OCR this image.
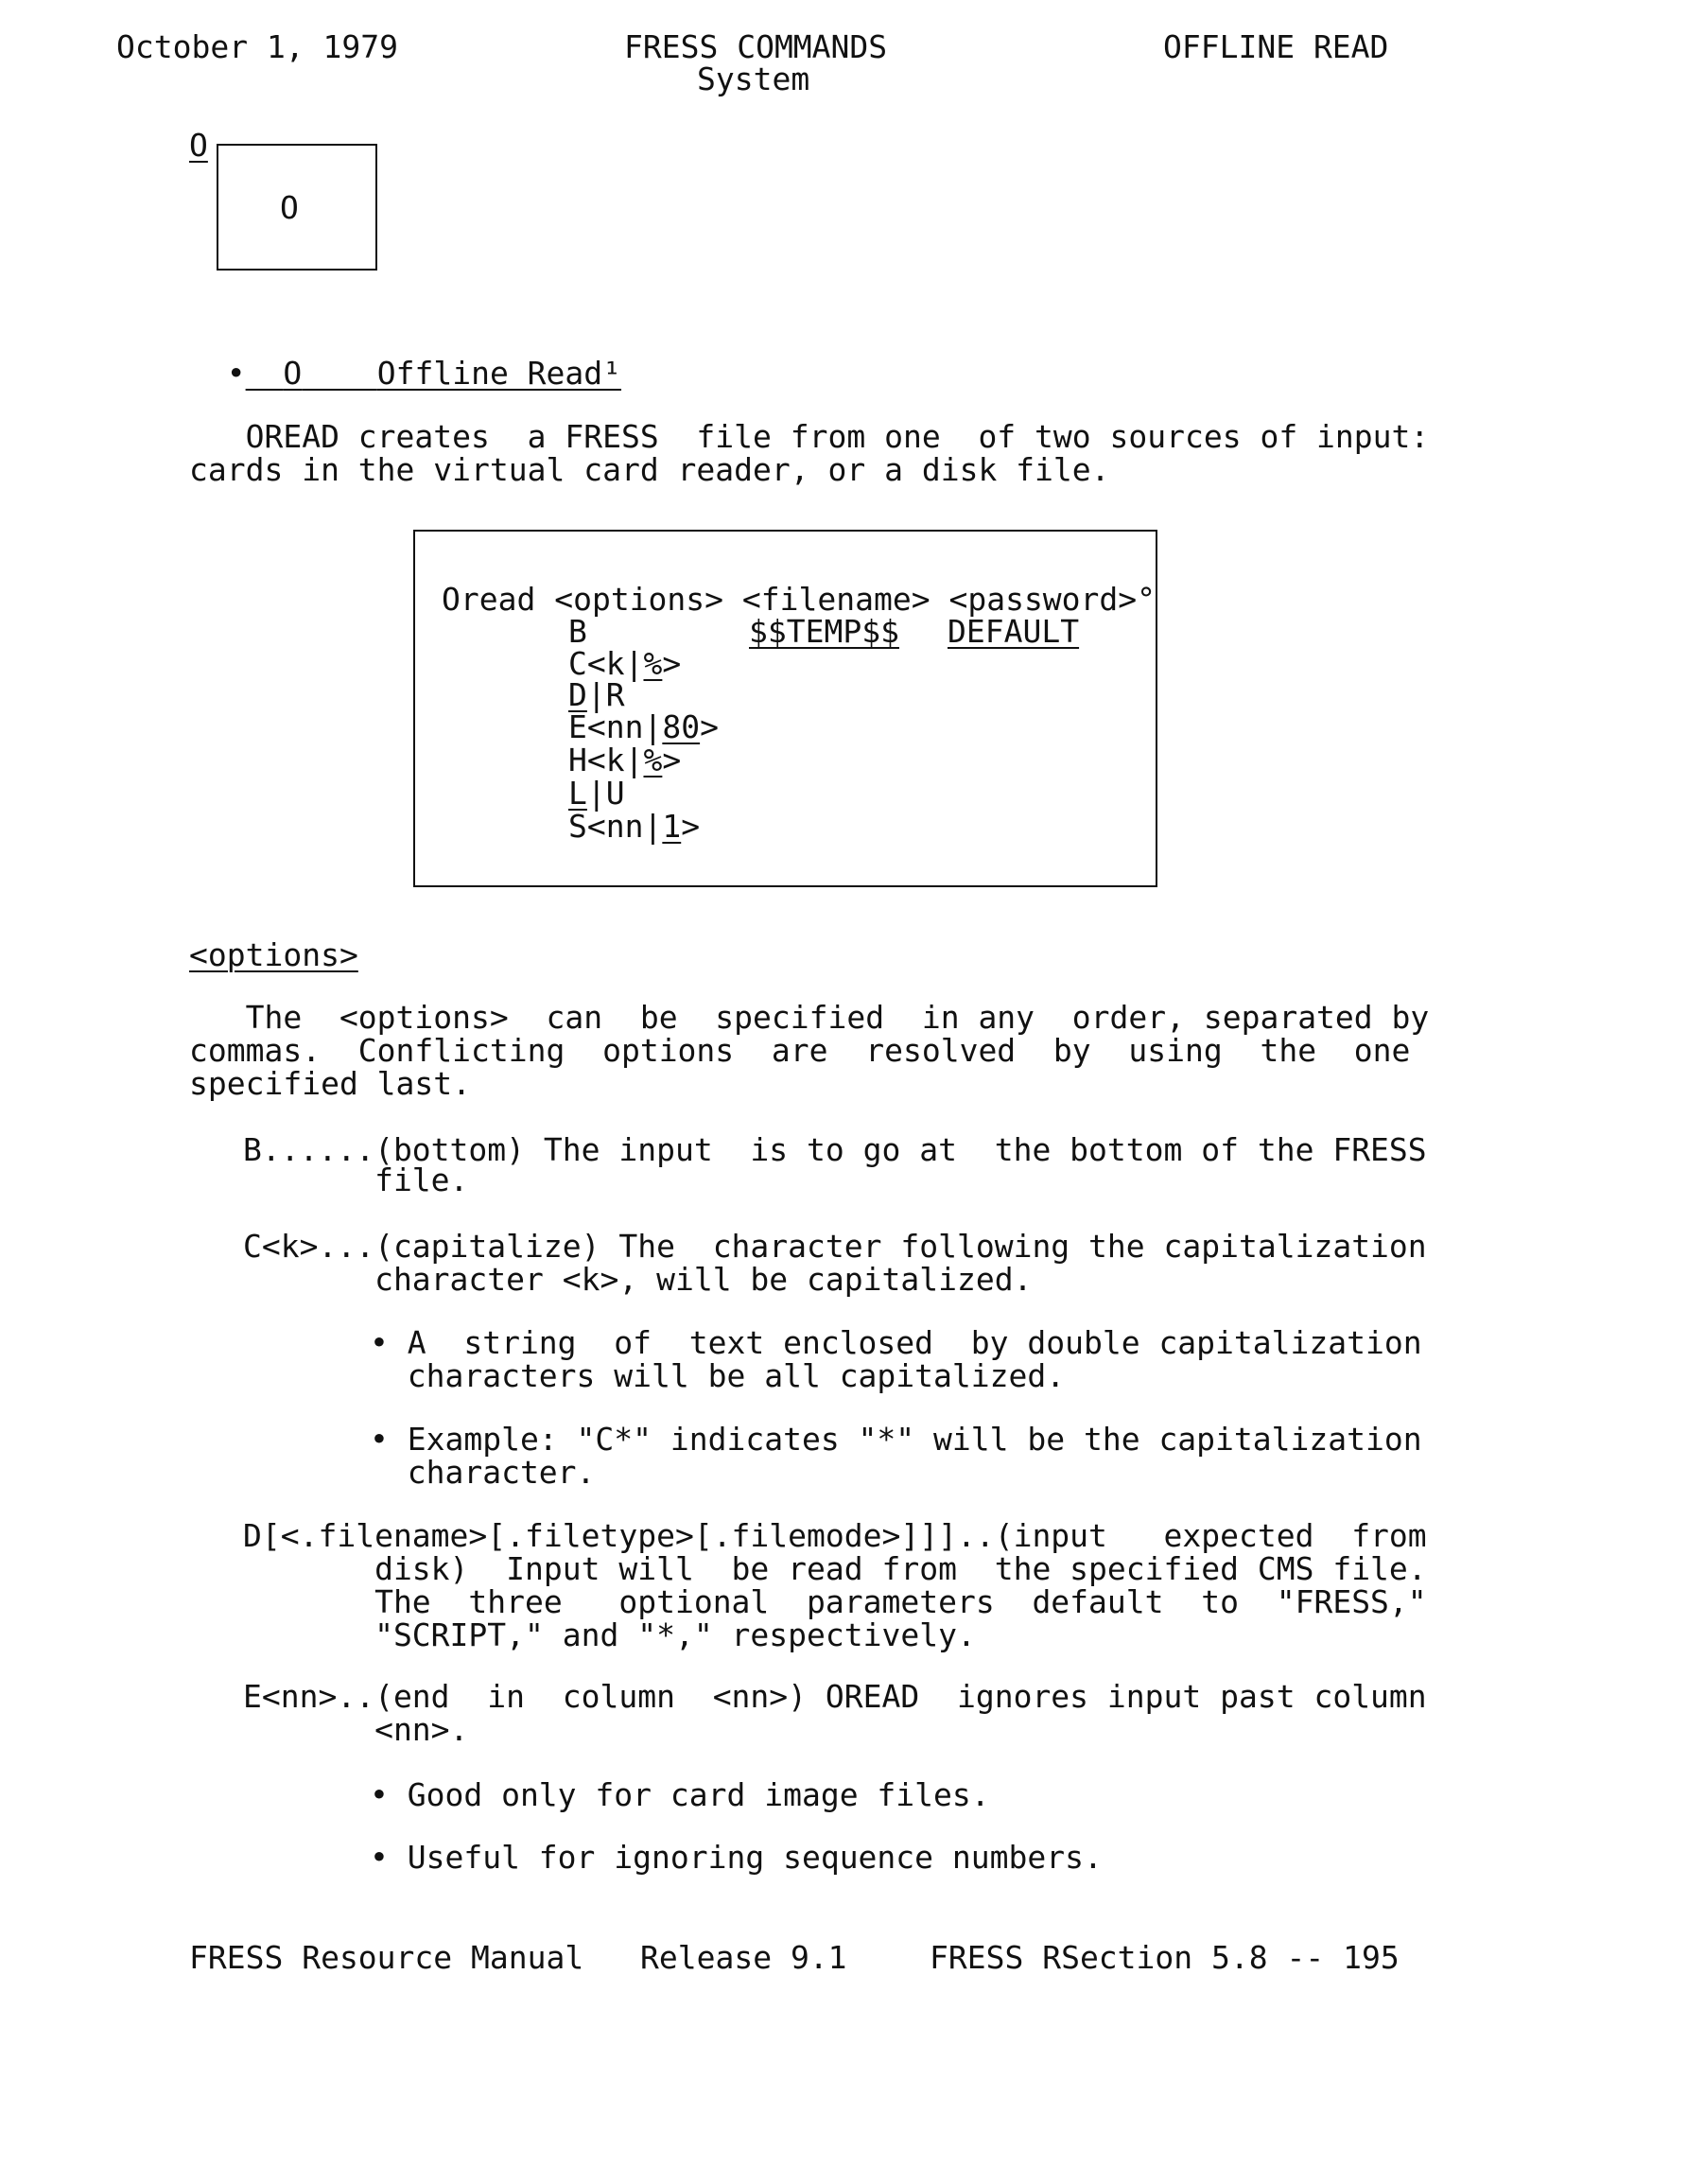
October 1, 1979	FRESS COMMANDS
System
OFFLINE READ
O
O

• O Offline Read¹

OREAD creates  a FRESS  file from one  of two sources of input:
cards in the virtual card reader, or a disk file.
Oread <options> <filename> <password>°
B	$$TEMP$$ DEFAULT
C<k|%>
D|R
E<nn|80>
H<k|%>
L|U
S<nn|1>
<options>
The  <options>  can  be  specified  in any  order, separated by
commas.  Conflicting  options  are  resolved  by  using  the  one
specified last.
B......(bottom) The input  is to go at  the bottom of the FRESS
file.
C<k>...(capitalize) The  character following the capitalization
character <k>, will be capitalized.
• A  string  of  text enclosed  by double capitalization
characters will be all capitalized.
• Example: "C*" indicates "*" will be the capitalization
character.
D[<.filename>[.filetype>[.filemode>]]]..(input   expected  from
disk)  Input will  be read from  the specified CMS file.
The  three   optional  parameters  default  to  "FRESS,"
"SCRIPT," and "*," respectively.
E<nn>..(end  in  column  <nn>) OREAD  ignores input past column
<nn>.
• Good only for card image files.
• Useful for ignoring sequence numbers.
FRESS Resource Manual Release 9.1	FRESS RSection 5.8 -- 195
